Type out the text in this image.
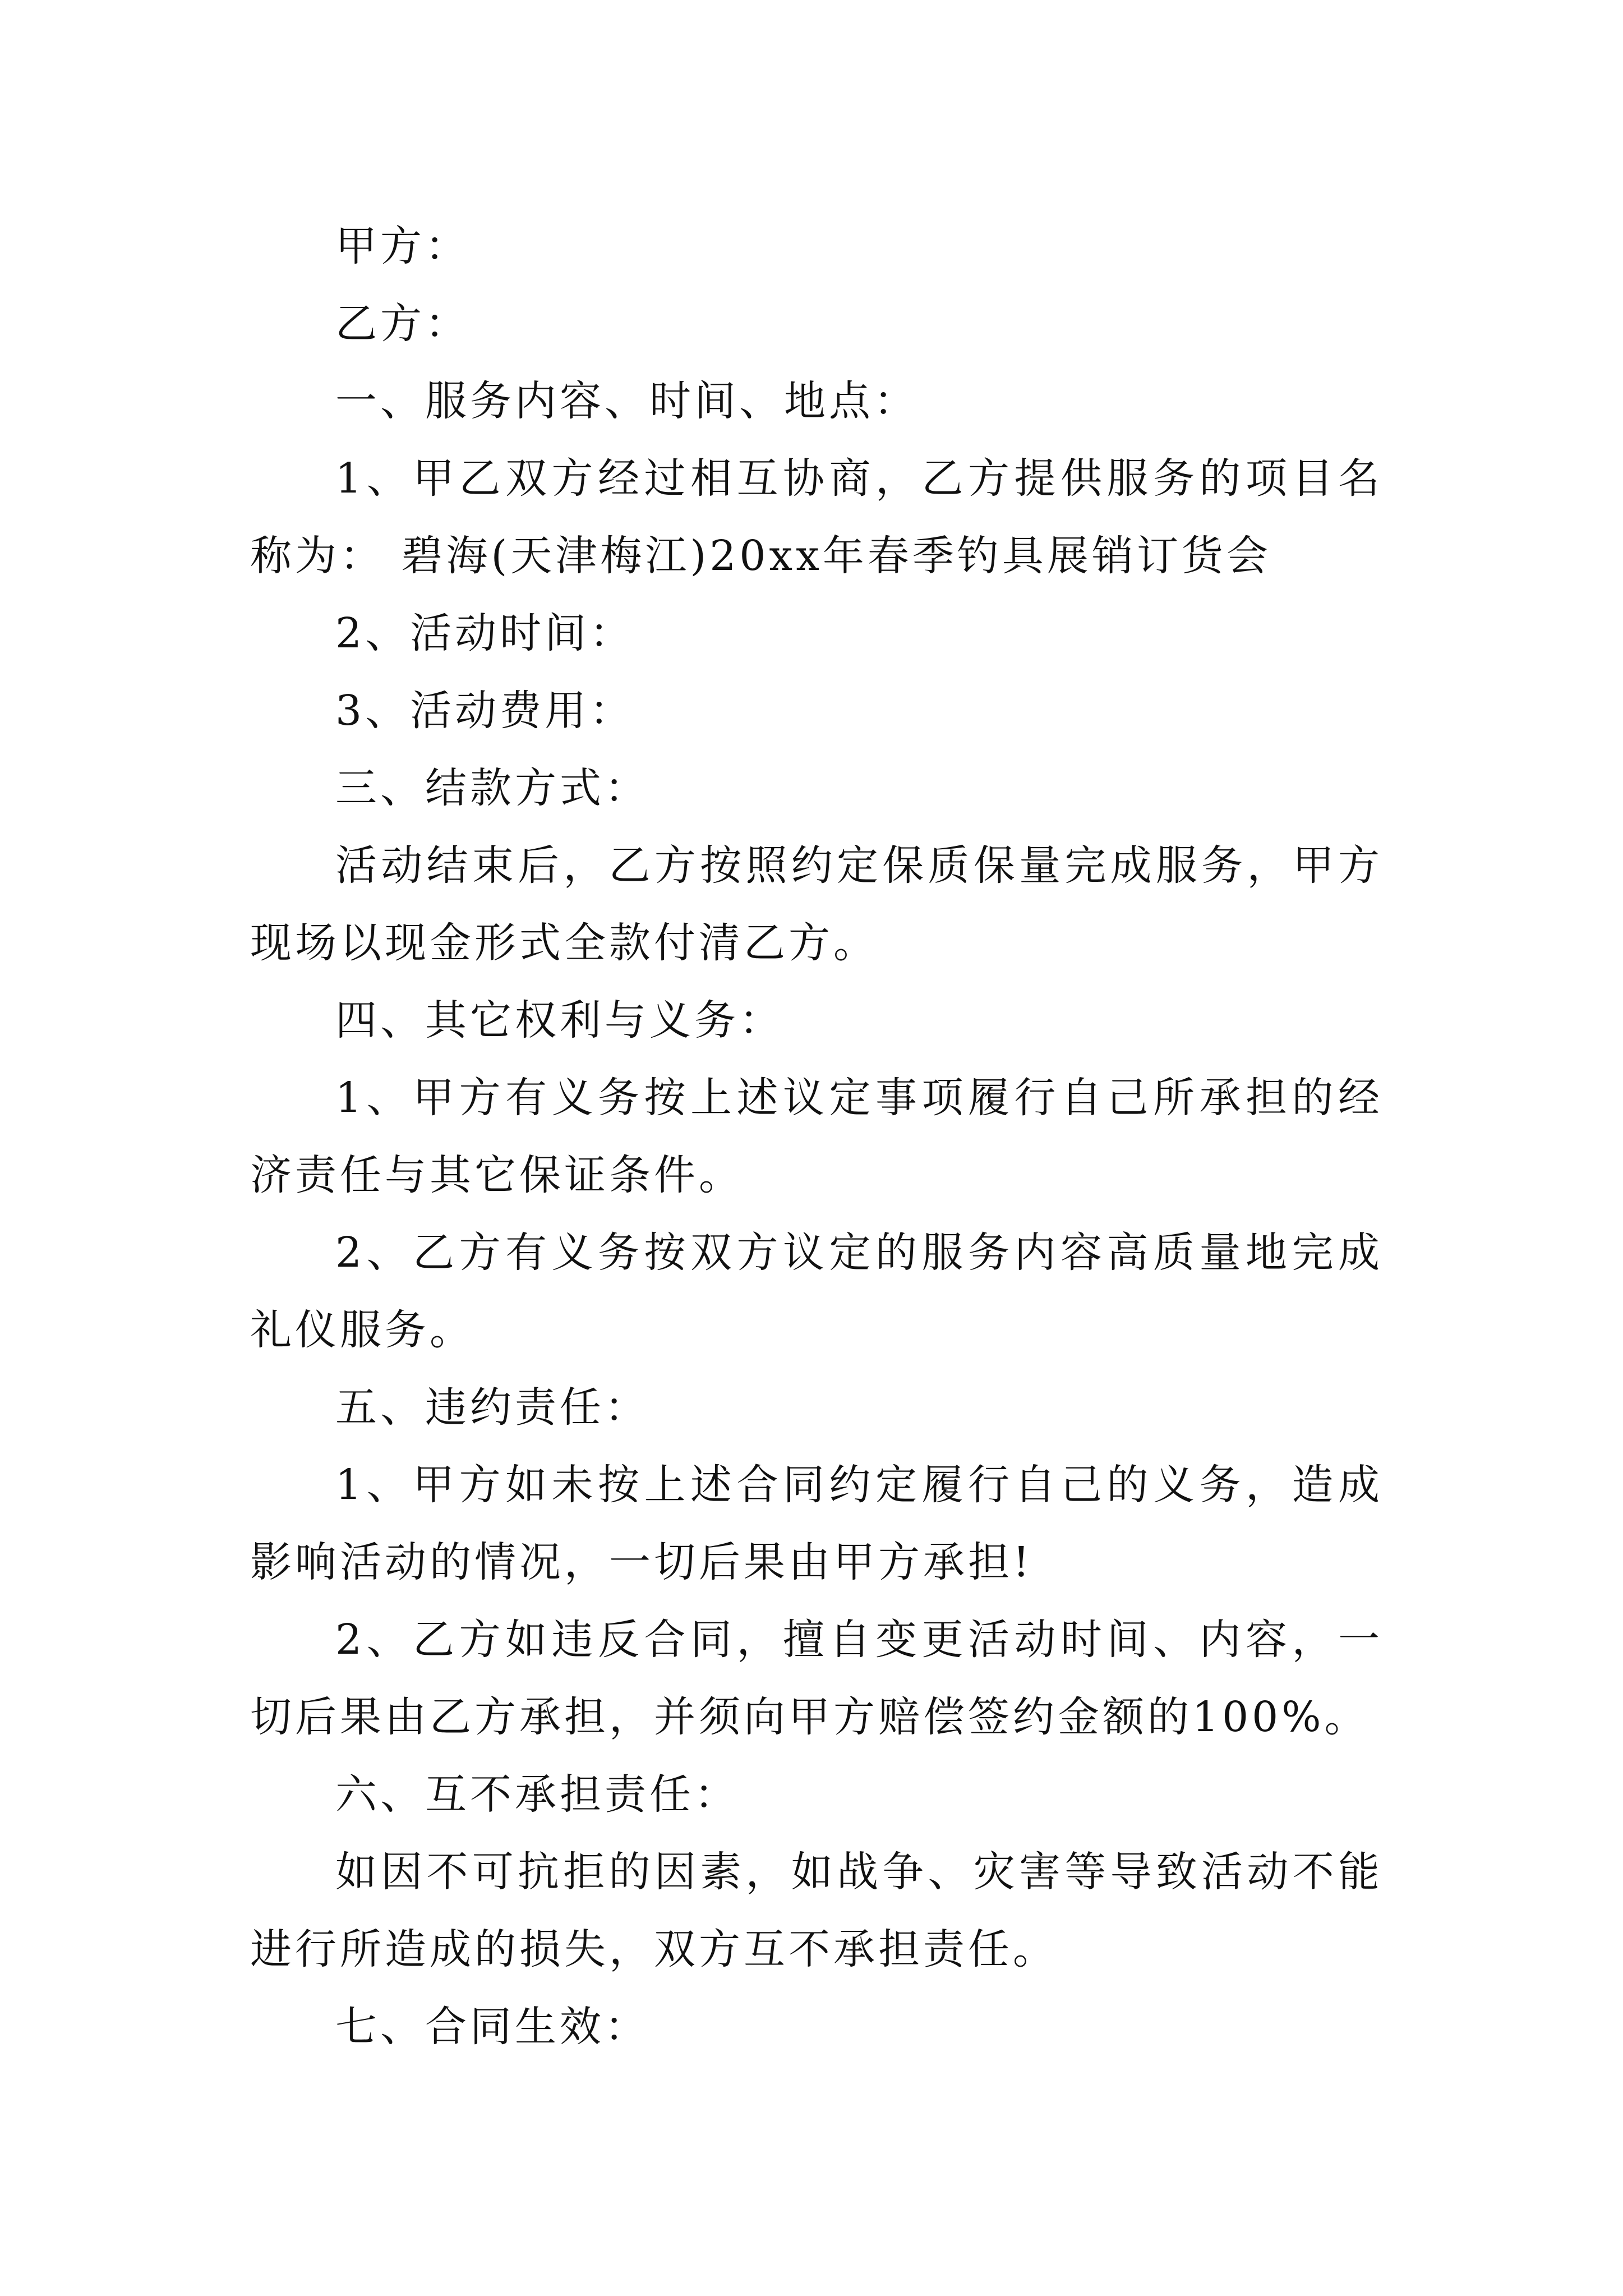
甲方：

乙方：

一、服务内容、时间、地点：

1、甲乙双方经过相互协商，乙方提供服务的项目名称为： 碧海(天津梅江)20xx年春季钓具展销订货会

2、活动时间：

3、活动费用：

三、结款方式：

活动结束后，乙方按照约定保质保量完成服务，甲方现场以现金形式全款付清乙方。

四、其它权利与义务：

1、甲方有义务按上述议定事项履行自己所承担的经济责任与其它保证条件。

2、乙方有义务按双方议定的服务内容高质量地完成礼仪服务。

五、违约责任：

1、甲方如未按上述合同约定履行自己的义务，造成影响活动的情况，一切后果由甲方承担!

2、乙方如违反合同，擅自变更活动时间、内容，一切后果由乙方承担，并须向甲方赔偿签约金额的100%。

六、互不承担责任：

如因不可抗拒的因素，如战争、灾害等导致活动不能进行所造成的损失，双方互不承担责任。

七、合同生效：
